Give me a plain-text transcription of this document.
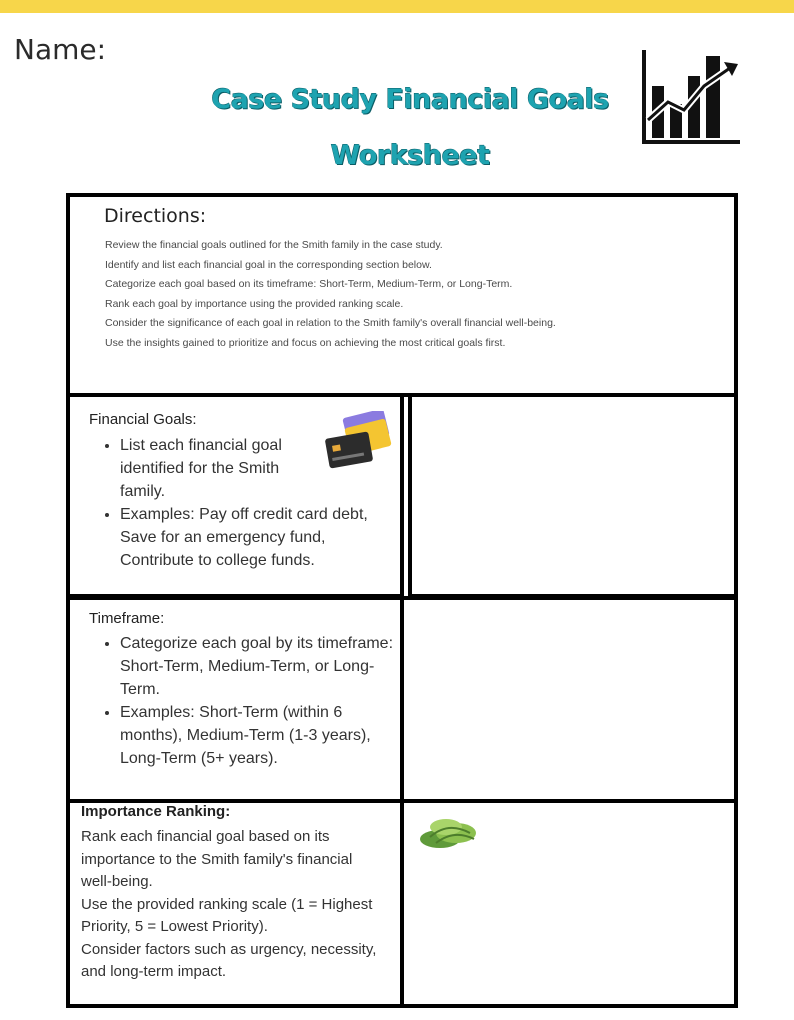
Name:
Case Study Financial Goals
Worksheet
Directions:
Review the financial goals outlined for the Smith family in the case study.
Identify and list each financial goal in the corresponding section below.
Categorize each goal based on its timeframe: Short-Term, Medium-Term, or Long-Term.
Rank each goal by importance using the provided ranking scale.
Consider the significance of each goal in relation to the Smith family's overall financial well-being.
Use the insights gained to prioritize and focus on achieving the most critical goals first.
Financial Goals:
• List each financial goal identified for the Smith family.
• Examples: Pay off credit card debt, Save for an emergency fund, Contribute to college funds.
Timeframe:
• Categorize each goal by its timeframe: Short-Term, Medium-Term, or Long-Term.
• Examples: Short-Term (within 6 months), Medium-Term (1-3 years), Long-Term (5+ years).
Importance Ranking:

Rank each financial goal based on its importance to the Smith family's financial well-being.

Use the provided ranking scale (1 = Highest Priority, 5 = Lowest Priority).

Consider factors such as urgency, necessity, and long-term impact.
